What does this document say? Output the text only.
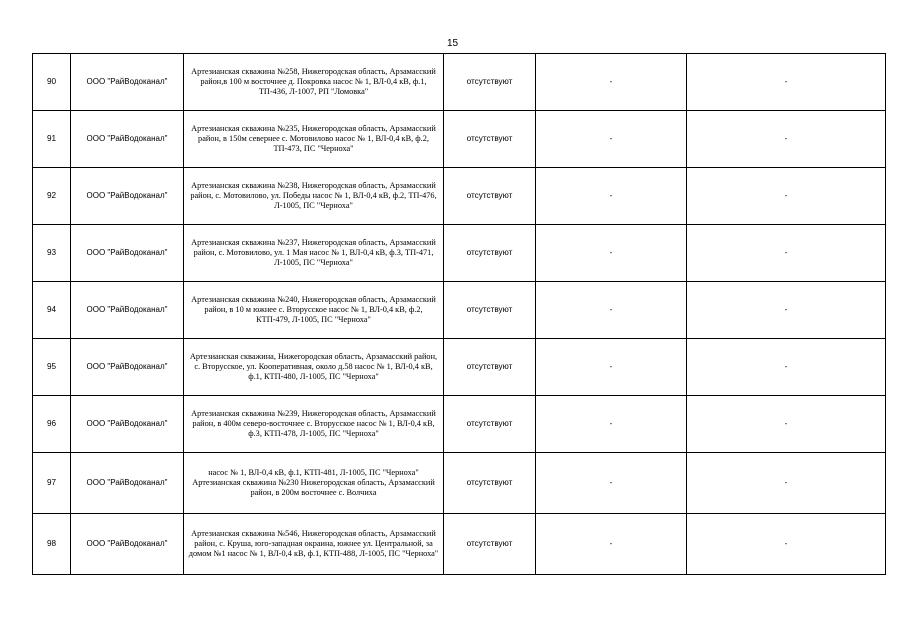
15
90	ООО "РайВодоканал"	Артезианская скважина №258, Нижегородская область, Арзамасский район,в 100 м восточнее д. Покровка насос № 1, ВЛ-0,4 кВ, ф.1, ТП-436, Л-1007, РП "Ломовка"	отсутствуют	-	-
91	ООО "РайВодоканал"	Артезианская скважина №235, Нижегородская область, Арзамасский район, в 150м севернее с. Мотовилово насос № 1, ВЛ-0,4 кВ, ф.2, ТП-473, ПС "Черноха"	отсутствуют	-	-
92	ООО "РайВодоканал"	Артезианская скважина №238, Нижегородская область, Арзамасский район, с. Мотовилово, ул. Победы насос № 1, ВЛ-0,4 кВ, ф.2, ТП-476, Л-1005, ПС "Черноха"	отсутствуют	-	-
93	ООО "РайВодоканал"	Артезианская скважина №237, Нижегородская область, Арзамасский район, с. Мотовилово, ул. 1 Мая насос № 1, ВЛ-0,4 кВ, ф.3, ТП-471, Л-1005, ПС "Черноха"	отсутствуют	-	-
94	ООО "РайВодоканал"	Артезианская скважина №240, Нижегородская область, Арзамасский район, в 10 м южнее с. Вторусское насос № 1, ВЛ-0,4 кВ, ф.2, КТП-479, Л-1005, ПС "Черноха"	отсутствуют	-	-
95	ООО "РайВодоканал"	Артезианская скважина, Нижегородская область, Арзамасский район, с. Вторусское, ул. Кооперативная, около д.58 насос № 1, ВЛ-0,4 кВ, ф.1, КТП-480, Л-1005, ПС "Черноха"	отсутствуют	-	-
96	ООО "РайВодоканал"	Артезианская скважина №239, Нижегородская область, Арзамасский район, в 400м северо-восточнее с. Вторусское насос № 1, ВЛ-0,4 кВ, ф.3, КТП-478, Л-1005, ПС "Черноха"	отсутствуют	-	-
97	ООО "РайВодоканал"	насос № 1, ВЛ-0,4 кВ, ф.1, КТП-481, Л-1005, ПС "Черноха" Артезианская скважина №230 Нижегородская область, Арзамасский район, в 200м восточнее с. Волчиха	отсутствуют	-	-
98	ООО "РайВодоканал"	Артезианская скважина №546, Нижегородская область, Арзамасский район, с. Круша, юго-западная окраина, южнее ул. Центральной, за домом №1 насос № 1, ВЛ-0,4 кВ, ф.1, КТП-488, Л-1005, ПС "Черноха"	отсутствуют	-	-
